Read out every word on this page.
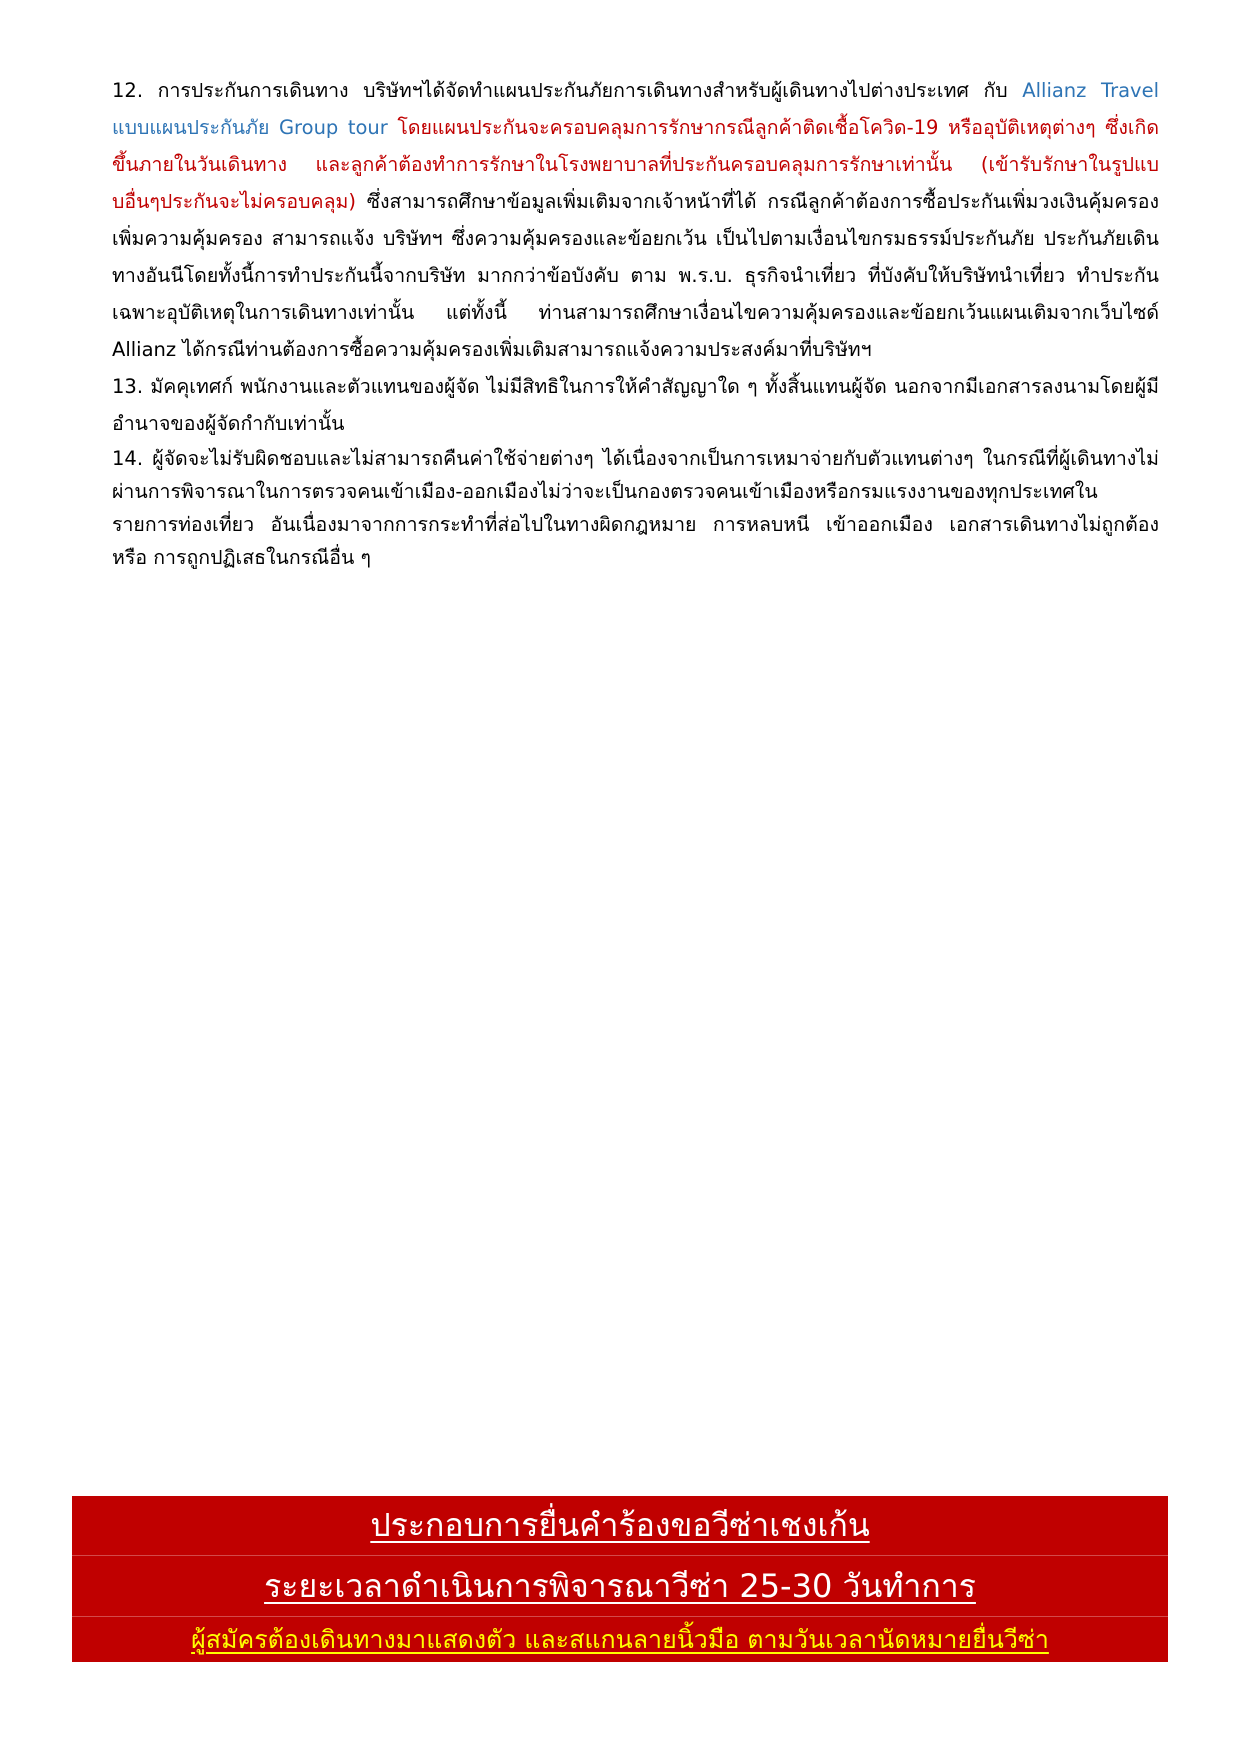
12. การประกันการเดินทาง บริษัทฯได้จัดทำแผนประกันภัยการเดินทางสำหรับผู้เดินทางไปต่างประเทศ กับ Allianz Travel แบบแผนประกันภัย Group tour โดยแผนประกันจะครอบคลุมการรักษากรณีลูกค้าติดเชื้อโควิด-19 หรืออุบัติเหตุต่างๆ ซึ่งเกิดขึ้นภายในวันเดินทาง และลูกค้าต้องทำการรักษาในโรงพยาบาลที่ประกันครอบคลุมการรักษาเท่านั้น (เข้ารับรักษาในรูปแบบอื่นๆประกันจะไม่ครอบคลุม) ซึ่งสามารถศึกษาข้อมูลเพิ่มเติมจากเจ้าหน้าที่ได้ กรณีลูกค้าต้องการซื้อประกันเพิ่มวงเงินคุ้มครอง เพิ่มความคุ้มครอง สามารถแจ้ง บริษัทฯ ซึ่งความคุ้มครองและข้อยกเว้น เป็นไปตามเงื่อนไขกรมธรรม์ประกันภัย ประกันภัยเดินทางอันนีโดยทั้งนี้การทำประกันนี้จากบริษัท มากกว่าข้อบังคับ ตาม พ.ร.บ. ธุรกิจนำเที่ยว ที่บังคับให้บริษัทนำเที่ยว ทำประกันเฉพาะอุบัติเหตุในการเดินทางเท่านั้น แต่ทั้งนี้ ท่านสามารถศึกษาเงื่อนไขความคุ้มครองและข้อยกเว้นแผนเติมจากเว็บไซด์ Allianz ได้กรณีท่านต้องการซื้อความคุ้มครองเพิ่มเติมสามารถแจ้งความประสงค์มาที่บริษัทฯ

13. มัคคุเทศก์ พนักงานและตัวแทนของผู้จัด ไม่มีสิทธิในการให้คำสัญญาใด ๆ ทั้งสิ้นแทนผู้จัด นอกจากมีเอกสารลงนามโดยผู้มีอำนาจของผู้จัดกำกับเท่านั้น

14. ผู้จัดจะไม่รับผิดชอบและไม่สามารถคืนค่าใช้จ่ายต่างๆ ได้เนื่องจากเป็นการเหมาจ่ายกับตัวแทนต่างๆ ในกรณีที่ผู้เดินทางไม่ผ่านการพิจารณาในการตรวจคนเข้าเมือง-ออกเมืองไม่ว่าจะเป็นกองตรวจคนเข้าเมืองหรือกรมแรงงานของทุกประเทศในรายการท่องเที่ยว อันเนื่องมาจากการกระทำที่ส่อไปในทางผิดกฎหมาย การหลบหนี เข้าออกเมือง เอกสารเดินทางไม่ถูกต้อง หรือ การถูกปฏิเสธในกรณีอื่น ๆ

ประกอบการยื่นคำร้องขอวีซ่าเชงเก้น
ระยะเวลาดำเนินการพิจารณาวีซ่า 25-30 วันทำการ
ผู้สมัครต้องเดินทางมาแสดงตัว และสแกนลายนิ้วมือ ตามวันเวลานัดหมายยื่นวีซ่า
